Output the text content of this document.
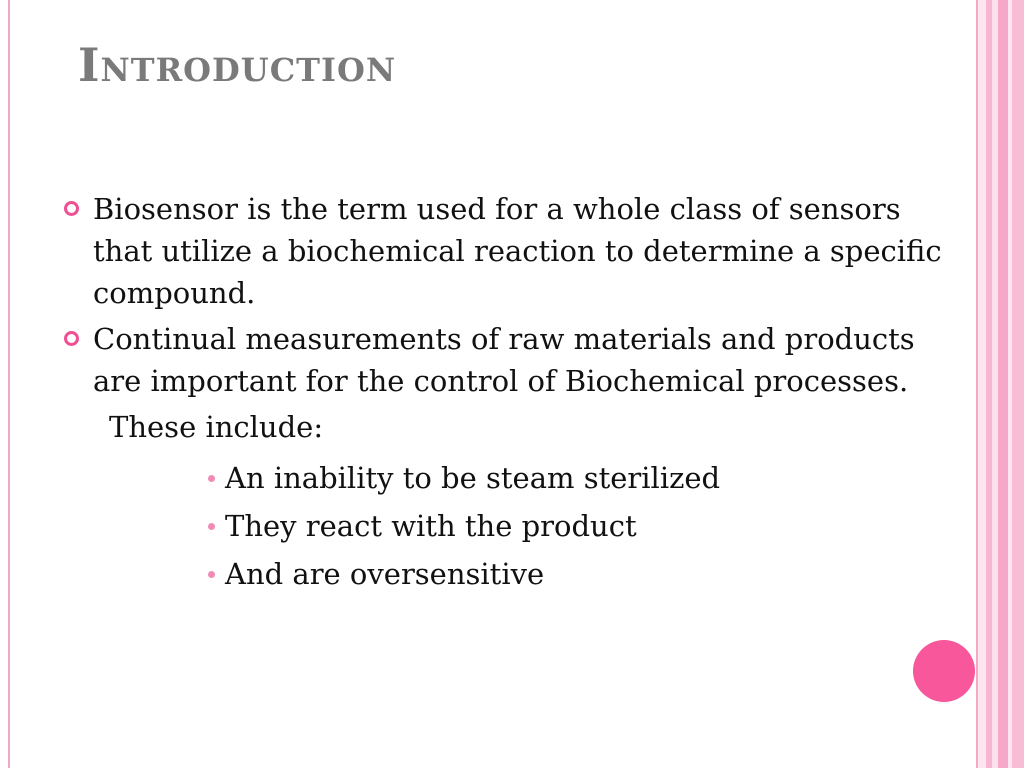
Introduction
Biosensor is the term used for a whole class of sensors that utilize a biochemical reaction to determine a specific compound.
Continual measurements of raw materials and products are important for the control of Biochemical processes.
These include:
An inability to be steam sterilized
They react with the product
And are oversensitive
